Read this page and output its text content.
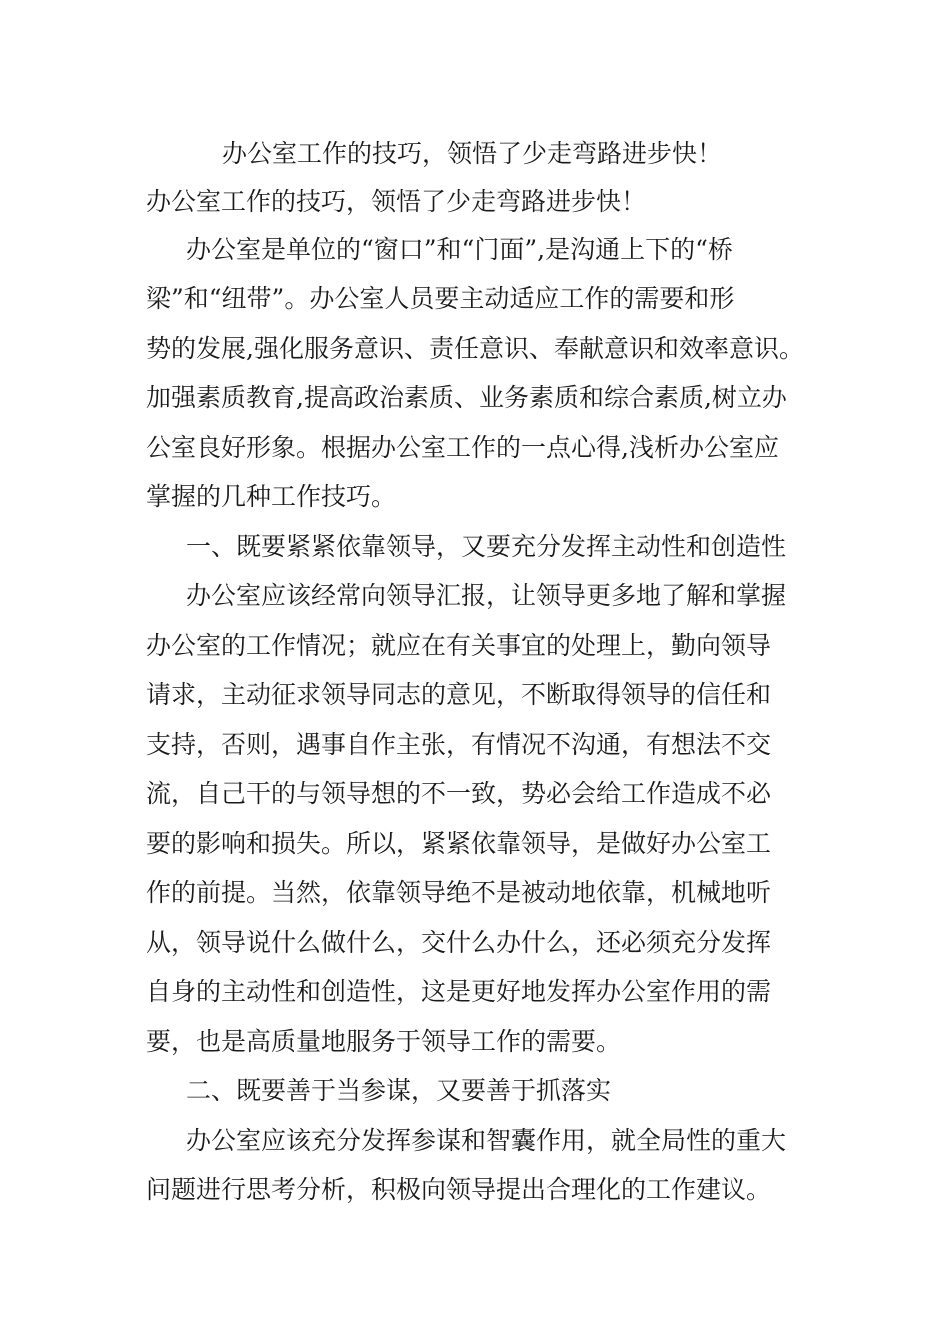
办公室工作的技巧，领悟了少走弯路进步快！

办公室工作的技巧，领悟了少走弯路进步快！

办公室是单位的“窗口”和“门面”,是沟通上下的“桥

梁”和“纽带”。办公室人员要主动适应工作的需要和形

势的发展,强化服务意识、责任意识、奉献意识和效率意识。

加强素质教育,提高政治素质、业务素质和综合素质,树立办

公室良好形象。根据办公室工作的一点心得,浅析办公室应

掌握的几种工作技巧。

一、既要紧紧依靠领导，又要充分发挥主动性和创造性

办公室应该经常向领导汇报，让领导更多地了解和掌握

办公室的工作情况；就应在有关事宜的处理上，勤向领导

请求，主动征求领导同志的意见，不断取得领导的信任和

支持，否则，遇事自作主张，有情况不沟通，有想法不交

流，自己干的与领导想的不一致，势必会给工作造成不必

要的影响和损失。所以，紧紧依靠领导，是做好办公室工

作的前提。当然，依靠领导绝不是被动地依靠，机械地听

从，领导说什么做什么，交什么办什么，还必须充分发挥

自身的主动性和创造性，这是更好地发挥办公室作用的需

要，也是高质量地服务于领导工作的需要。

二、既要善于当参谋，又要善于抓落实

办公室应该充分发挥参谋和智囊作用，就全局性的重大

问题进行思考分析，积极向领导提出合理化的工作建议。
